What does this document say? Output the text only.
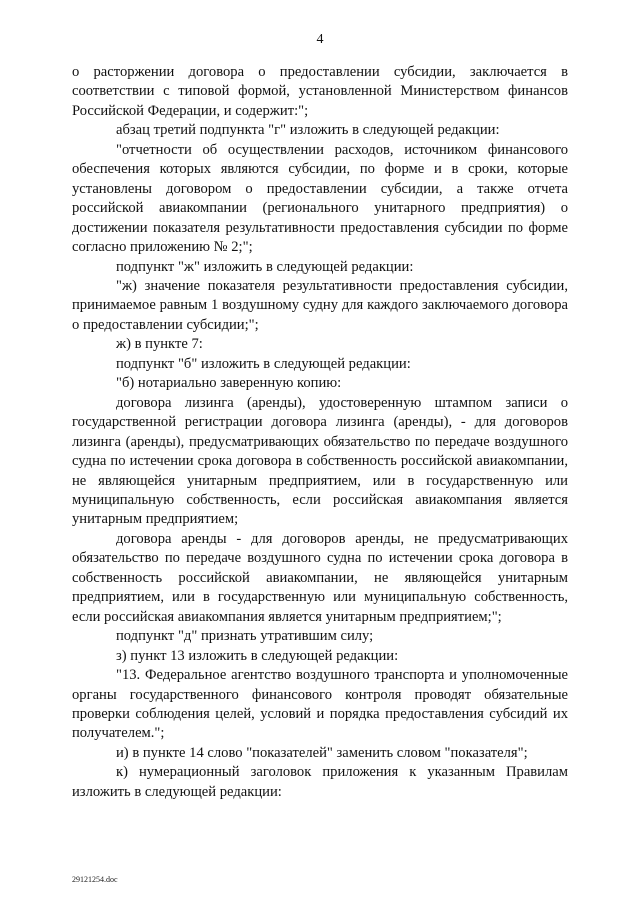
4

о расторжении договора о предоставлении субсидии, заключается в соответствии с типовой формой, установленной Министерством финансов Российской Федерации, и содержит:";

абзац третий подпункта "г" изложить в следующей редакции:

"отчетности об осуществлении расходов, источником финансового обеспечения которых являются субсидии, по форме и в сроки, которые установлены договором о предоставлении субсидии, а также отчета российской авиакомпании (регионального унитарного предприятия) о достижении показателя результативности предоставления субсидии по форме согласно приложению № 2;";

подпункт "ж" изложить в следующей редакции:

"ж) значение показателя результативности предоставления субсидии, принимаемое равным 1 воздушному судну для каждого заключаемого договора о предоставлении субсидии;";

ж) в пункте 7:

подпункт "б" изложить в следующей редакции:

"б) нотариально заверенную копию:

договора лизинга (аренды), удостоверенную штампом записи о государственной регистрации договора лизинга (аренды), - для договоров лизинга (аренды), предусматривающих обязательство по передаче воздушного судна по истечении срока договора в собственность российской авиакомпании, не являющейся унитарным предприятием, или в государственную или муниципальную собственность, если российская авиакомпания является унитарным предприятием;

договора аренды - для договоров аренды, не предусматривающих обязательство по передаче воздушного судна по истечении срока договора в собственность российской авиакомпании, не являющейся унитарным предприятием, или в государственную или муниципальную собственность, если российская авиакомпания является унитарным предприятием;";

подпункт "д" признать утратившим силу;

з) пункт 13 изложить в следующей редакции:

"13. Федеральное агентство воздушного транспорта и уполномоченные органы государственного финансового контроля проводят обязательные проверки соблюдения целей, условий и порядка предоставления субсидий их получателем.";

и) в пункте 14 слово "показателей" заменить словом "показателя";

к) нумерационный заголовок приложения к указанным Правилам изложить в следующей редакции:

29121254.doc
